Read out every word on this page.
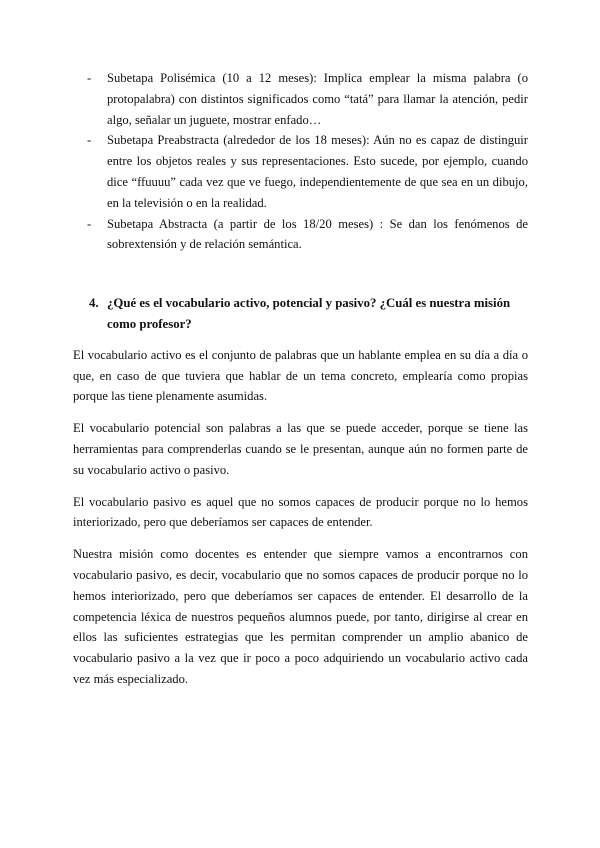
- Subetapa Polisémica (10 a 12 meses): Implica emplear la misma palabra (o protopalabra) con distintos significados como “tatá” para llamar la atención, pedir algo, señalar un juguete, mostrar enfado…
- Subetapa Preabstracta (alrededor de los 18 meses): Aún no es capaz de distinguir entre los objetos reales y sus representaciones. Esto sucede, por ejemplo, cuando dice “ffuuuu” cada vez que ve fuego, independientemente de que sea en un dibujo, en la televisión o en la realidad.
- Subetapa Abstracta (a partir de los 18/20 meses) : Se dan los fenómenos de sobrextensión y de relación semántica.
4. ¿Qué es el vocabulario activo, potencial y pasivo? ¿Cuál es nuestra misión como profesor?

El vocabulario activo es el conjunto de palabras que un hablante emplea en su día a día o que, en caso de que tuviera que hablar de un tema concreto, emplearía como propias porque las tiene plenamente asumidas.

El vocabulario potencial son palabras a las que se puede acceder, porque se tiene las herramientas para comprenderlas cuando se le presentan, aunque aún no formen parte de su vocabulario activo o pasivo.

El vocabulario pasivo es aquel que no somos capaces de producir porque no lo hemos interiorizado, pero que deberíamos ser capaces de entender.

Nuestra misión como docentes es entender que siempre vamos a encontrarnos con vocabulario pasivo, es decir, vocabulario que no somos capaces de producir porque no lo hemos interiorizado, pero que deberíamos ser capaces de entender. El desarrollo de la competencia léxica de nuestros pequeños alumnos puede, por tanto, dirigirse al crear en ellos las suficientes estrategias que les permitan comprender un amplio abanico de vocabulario pasivo a la vez que ir poco a poco adquiriendo un vocabulario activo cada vez más especializado.
